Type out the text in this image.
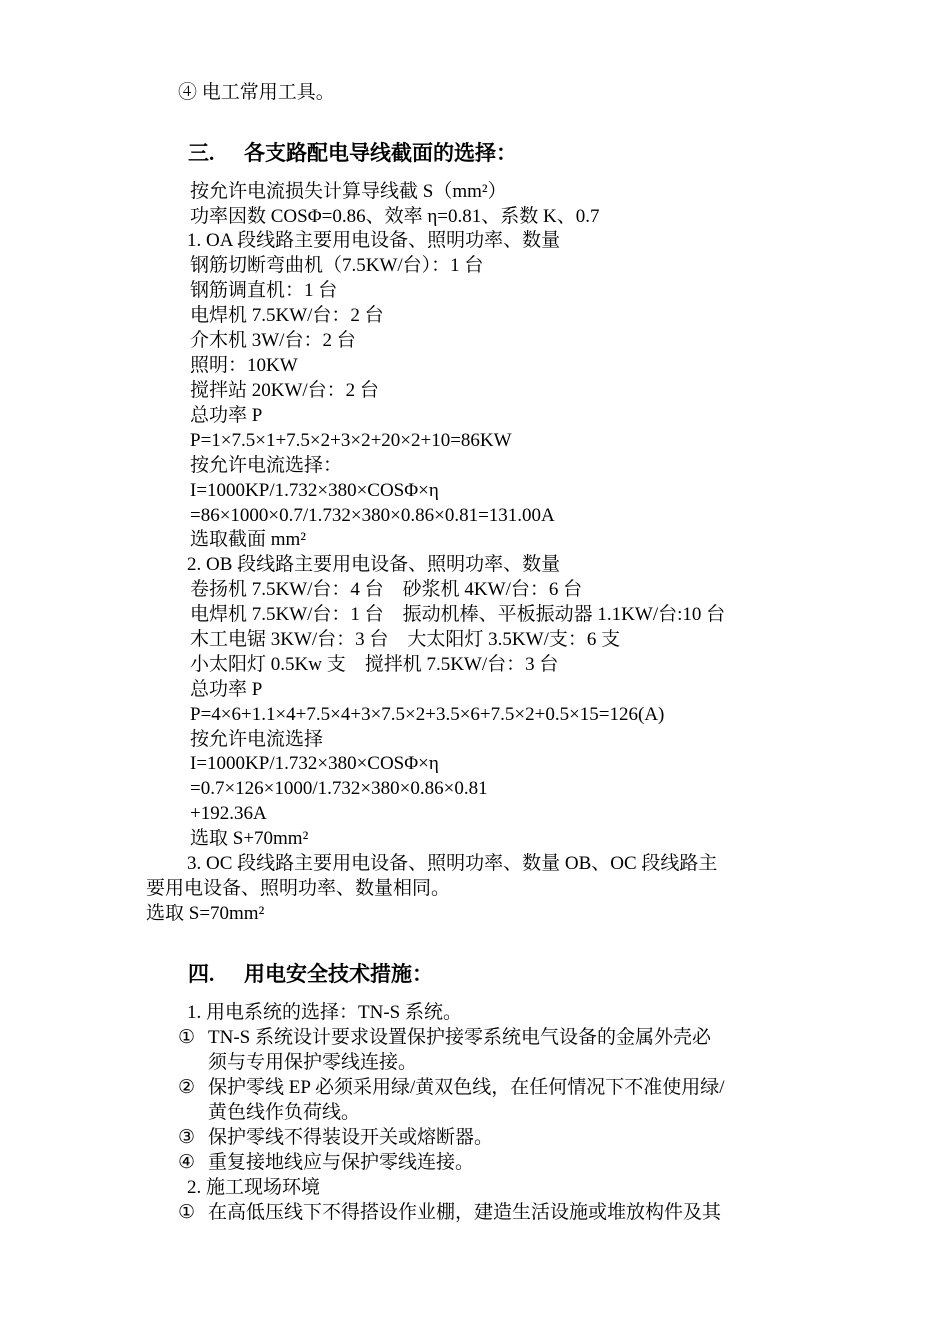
④ 电工常用工具。
三. 各支路配电导线截面的选择：
按允许电流损失计算导线截 S（mm²）
功率因数 COSΦ=0.86、效率 η=0.81、系数 K、0.7
1. OA 段线路主要用电设备、照明功率、数量
钢筋切断弯曲机（7.5KW/台）：1 台
钢筋调直机：1 台
电焊机 7.5KW/台：2 台
介木机 3W/台：2 台
照明：10KW
搅拌站 20KW/台：2 台
总功率 P
P=1×7.5×1+7.5×2+3×2+20×2+10=86KW
按允许电流选择：
I=1000KP/1.732×380×COSΦ×η
=86×1000×0.7/1.732×380×0.86×0.81=131.00A
选取截面 mm²
2. OB 段线路主要用电设备、照明功率、数量
卷扬机 7.5KW/台：4 台    砂浆机 4KW/台：6 台
电焊机 7.5KW/台：1 台    振动机棒、平板振动器 1.1KW/台:10 台
木工电锯 3KW/台：3 台    大太阳灯 3.5KW/支：6 支
小太阳灯 0.5Kw 支    搅拌机 7.5KW/台：3 台
总功率 P
P=4×6+1.1×4+7.5×4+3×7.5×2+3.5×6+7.5×2+0.5×15=126(A)
按允许电流选择
I=1000KP/1.732×380×COSΦ×η
=0.7×126×1000/1.732×380×0.86×0.81
+192.36A
选取 S+70mm²
3. OC 段线路主要用电设备、照明功率、数量 OB、OC 段线路主
要用电设备、照明功率、数量相同。
选取 S=70mm²
四. 用电安全技术措施：
1. 用电系统的选择：TN-S 系统。
① TN-S 系统设计要求设置保护接零系统电气设备的金属外壳必
须与专用保护零线连接。
② 保护零线 EP 必须采用绿/黄双色线，在任何情况下不准使用绿/
黄色线作负荷线。
③ 保护零线不得装设开关或熔断器。
④ 重复接地线应与保护零线连接。
2. 施工现场环境
① 在高低压线下不得搭设作业棚，建造生活设施或堆放构件及其
